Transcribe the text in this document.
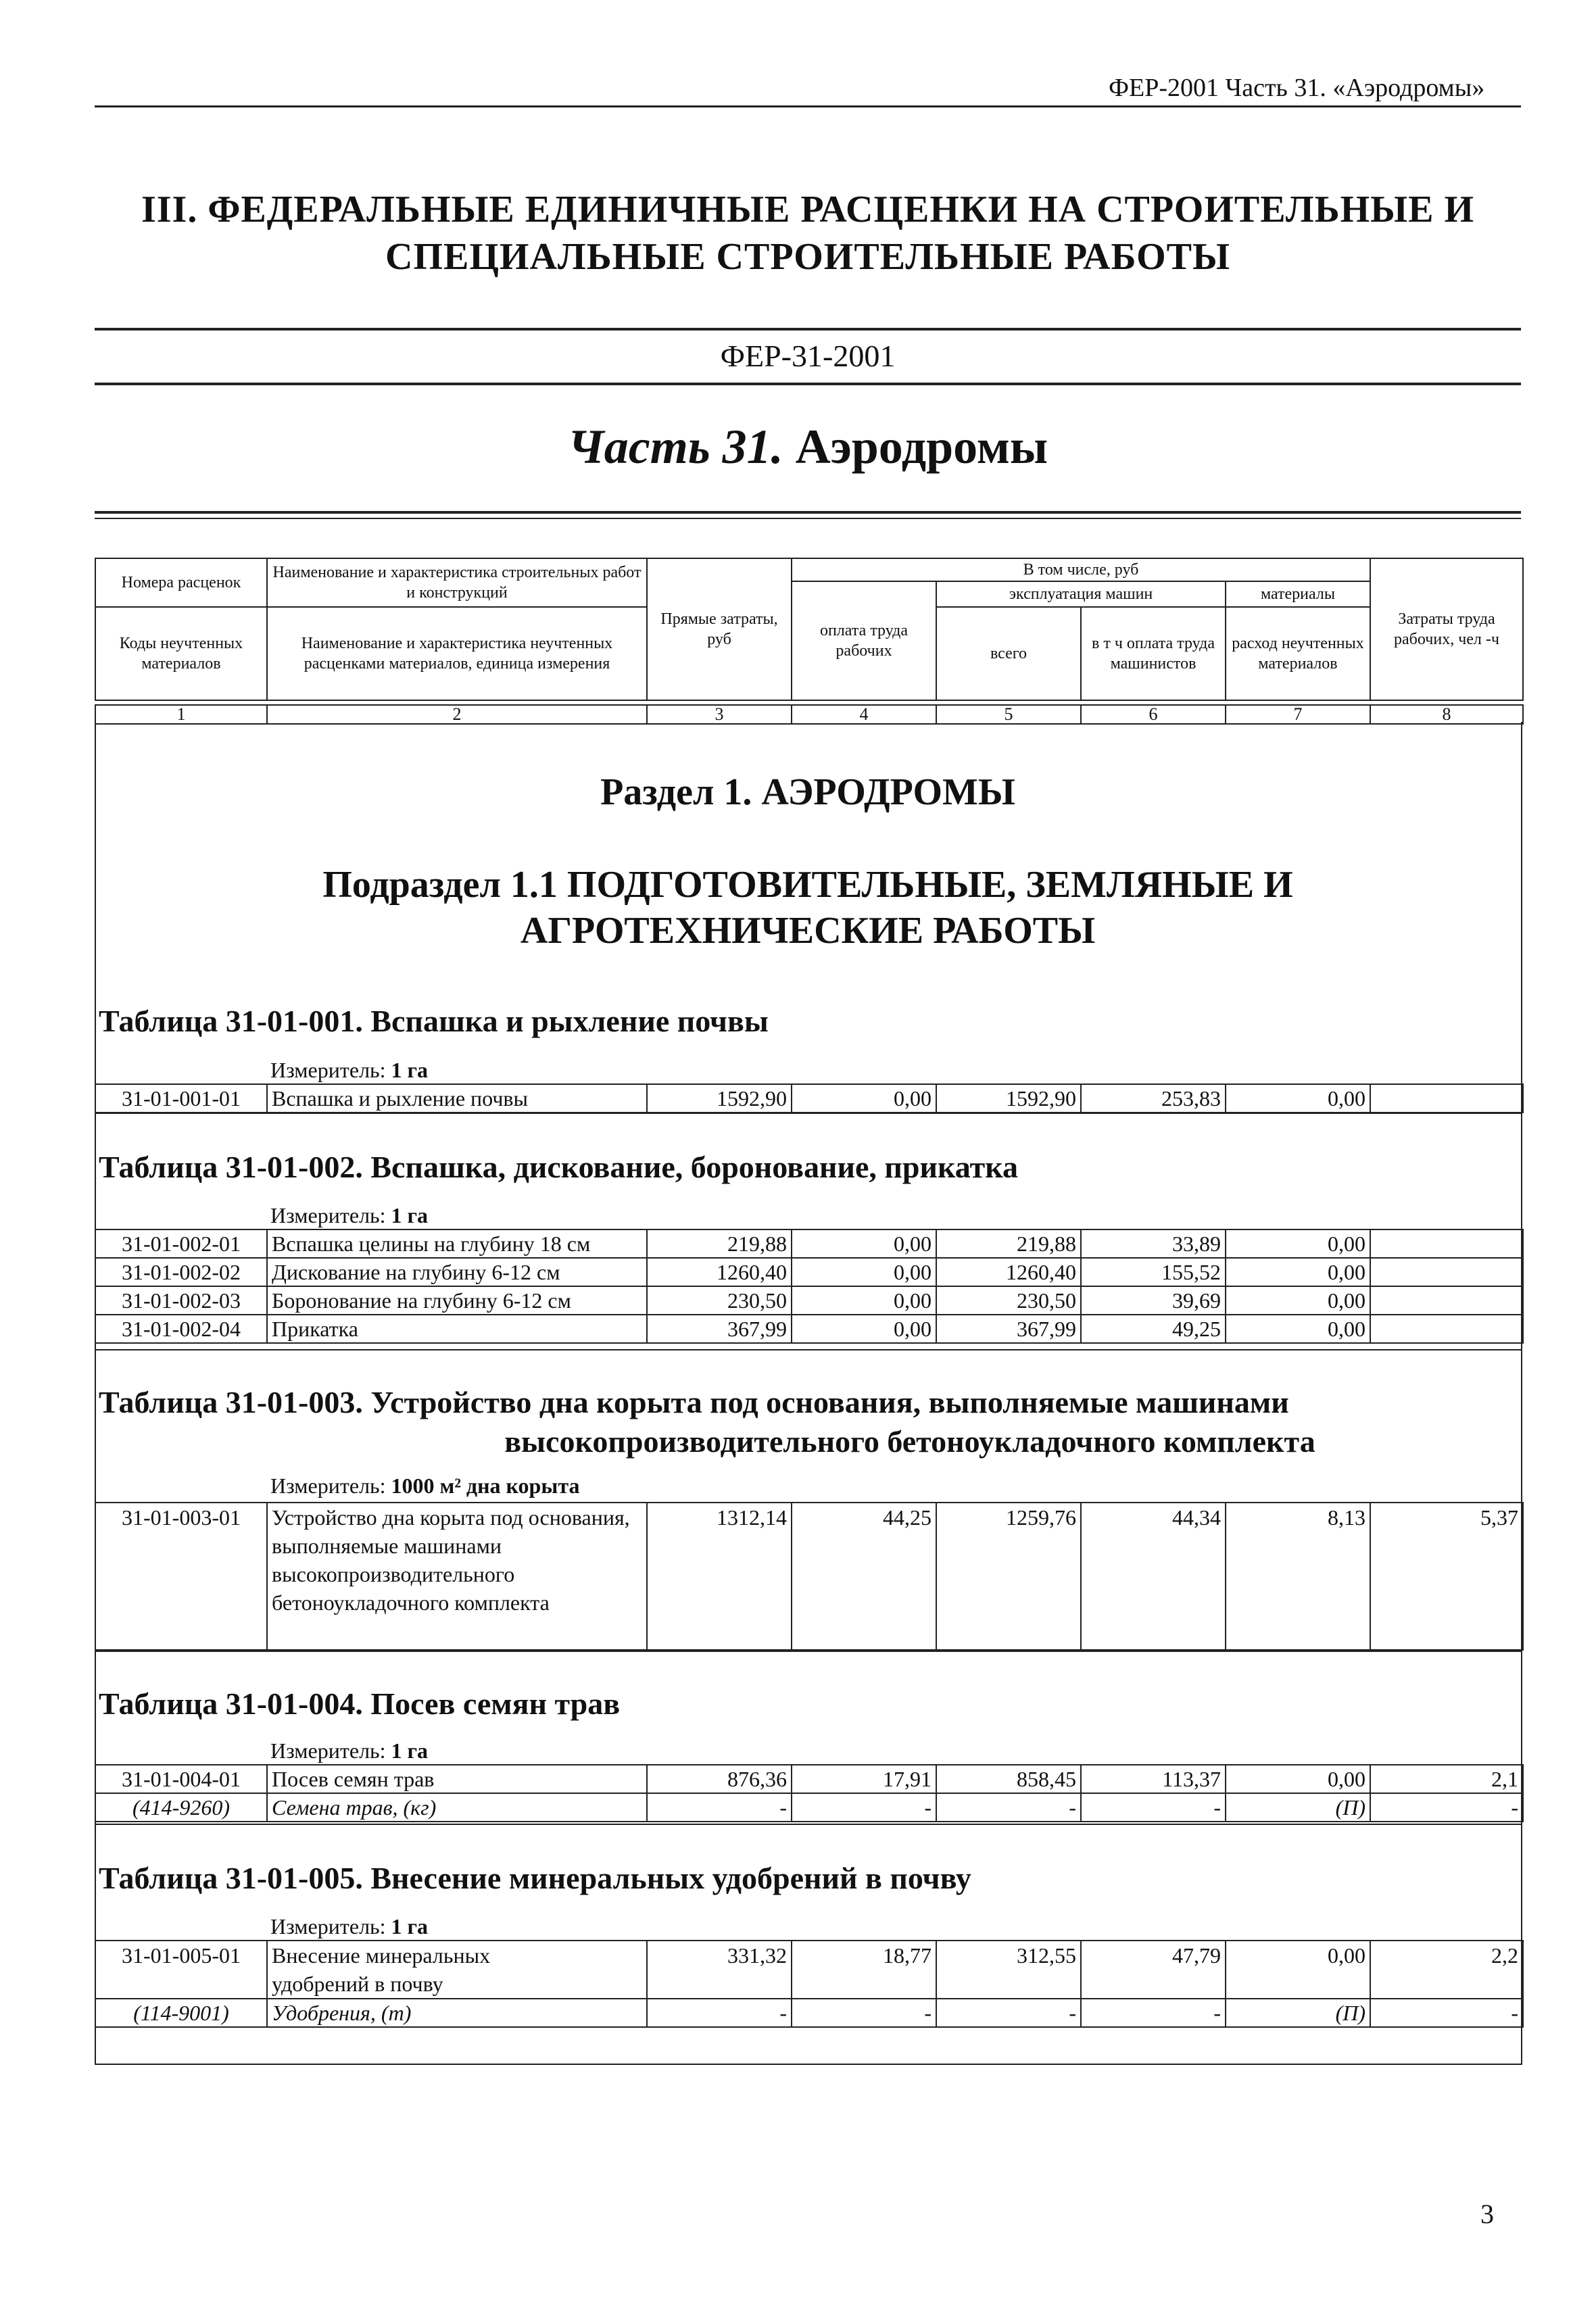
ФЕР-2001 Часть 31. «Аэродромы»
III. ФЕДЕРАЛЬНЫЕ ЕДИНИЧНЫЕ РАСЦЕНКИ НА СТРОИТЕЛЬНЫЕ И
СПЕЦИАЛЬНЫЕ СТРОИТЕЛЬНЫЕ РАБОТЫ
ФЕР-31-2001
Часть 31. Аэродромы
Номера расценок	Наименование и характеристика строительных работ и конструкций	Прямые затраты, руб	В том числе, руб				Затраты труда рабочих, чел -ч
			оплата труда рабочих	эксплуатация машин		материалы	
Коды неучтенных материалов	Наименование и характеристика неучтенных расценками материалов, единица измерения			всего	в т ч оплата труда машинистов	расход неучтенных материалов	

1	2	3	4	5	6	7	8
Раздел 1. АЭРОДРОМЫ
Подраздел 1.1 ПОДГОТОВИТЕЛЬНЫЕ, ЗЕМЛЯНЫЕ И
АГРОТЕХНИЧЕСКИЕ РАБОТЫ
Таблица 31-01-001. Вспашка и рыхление почвы
Измеритель: 1 га
31-01-001-01	Вспашка и рыхление почвы	1592,90	0,00	1592,90	253,83	0,00	
Таблица 31-01-002. Вспашка, дискование, боронование, прикатка
Измеритель: 1 га
31-01-002-01	Вспашка целины на глубину 18 см	219,88	0,00	219,88	33,89	0,00	
31-01-002-02	Дискование на глубину 6-12 см	1260,40	0,00	1260,40	155,52	0,00	
31-01-002-03	Боронование на глубину 6-12 см	230,50	0,00	230,50	39,69	0,00	
31-01-002-04	Прикатка	367,99	0,00	367,99	49,25	0,00	
Таблица 31-01-003. Устройство дна корыта под основания, выполняемые машинами
высокопроизводительного бетоноукладочного комплекта
Измеритель: 1000 м² дна корыта
31-01-003-01	Устройство дна корыта под основания, выполняемые машинами высокопроизводительного бетоноукладочного комплекта	1312,14	44,25	1259,76	44,34	8,13	5,37
Таблица 31-01-004. Посев семян трав
Измеритель: 1 га
31-01-004-01	Посев семян трав	876,36	17,91	858,45	113,37	0,00	2,1
(414-9260)	Семена трав, (кг)	-	-	-	-	(П)	-
Таблица 31-01-005. Внесение минеральных удобрений в почву
Измеритель: 1 га
31-01-005-01	Внесение минеральных
удобрений в почву	331,32	18,77	312,55	47,79	0,00	2,2
(114-9001)	Удобрения, (т)	-	-	-	-	(П)	-
3
